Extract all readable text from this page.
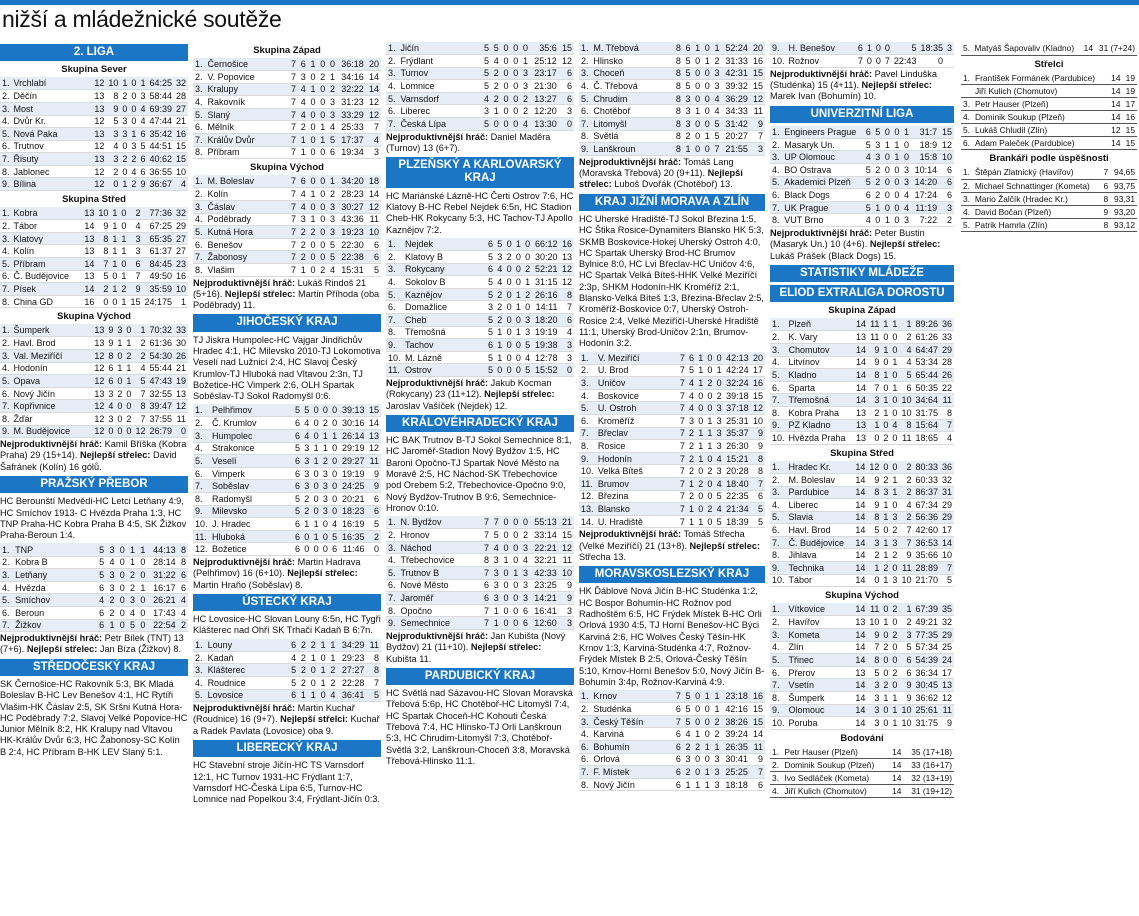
nižší a mládežnické soutěže
2. LIGA
Skupina Sever
1.	Vrchlabí	12	10	1	0	1	64:25	32
2.	Děčín	13	8	2	0	3	58:44	28
3.	Most	13	9	0	0	4	69:39	27
4.	Dvůr Kr.	12	5	3	0	4	47:44	21
5.	Nová Paka	13	3	3	1	6	35:42	16
6.	Trutnov	12	4	0	3	5	44:51	15
7.	Řisuty	13	3	2	2	6	40:62	15
8.	Jablonec	12	2	0	4	6	36:55	10
9.	Bílina	12	0	1	2	9	36:67	4
Skupina Střed
1.	Kobra	13	10	1	0	2	77:36	32
2.	Tábor	14	9	1	0	4	67:25	29
3.	Klatovy	13	8	1	1	3	65:35	27
4.	Kolín	13	8	1	1	3	61:37	27
5.	Příbram	14	7	1	0	6	84:45	23
6.	Č. Budějovice	13	5	0	1	7	49:50	16
7.	Písek	14	2	1	2	9	35:59	10
8.	China GD	16	0	0	1	15	24:175	1
Skupina Východ
1.	Šumperk	13	9	3	0	1	70:32	33
2.	Havl. Brod	13	9	1	1	2	61:36	30
3.	Val. Meziříčí	12	8	0	2	2	54:30	26
4.	Hodonín	12	6	1	1	4	55:44	21
5.	Opava	12	6	0	1	5	47:43	19
6.	Nový Jičín	13	3	2	0	7	32:55	13
7.	Kopřivnice	12	4	0	0	8	39:47	12
8.	Žďár	12	3	0	2	7	37:55	11
9.	M. Budějovice	12	0	0	0	12	26:79	0

Nejproduktivnější hráč: Kamil Bříška (Kobra Praha) 29 (15+14). Nejlepší střelec: David Šafránek (Kolín) 16 gólů.

PRAŽSKÝ PŘEBOR

HC Berounští Medvědi-HC Letci Letňany 4:9, HC Smíchov 1913- C Hvězda Praha 1:3, HC TNP Praha-HC Kobra Praha B 4:5, SK Žižkov Praha-Beroun 1:4.

1.	TNP	5	3	0	1	1	44:13	8
2.	Kobra B	5	4	0	1	0	28:14	8
3.	Letňany	5	3	0	2	0	31:22	6
4.	Hvězda	6	3	0	2	1	16:17	6
5.	Smíchov	4	2	0	3	0	26:21	4
6.	Beroun	6	2	0	4	0	17:43	4
7.	Žižkov	6	1	0	5	0	22:54	2

Nejproduktivnější hráč: Petr Bílek (TNT) 13 (7+6). Nejlepší střelec: Jan Bíza (Žižkov) 8.

STŘEDOČESKÝ KRAJ

SK Černošice-HC Rakovník 5:3, BK Mladá Boleslav B-HC Lev Benešov 4:1, HC Rytíři Vlašim-HK Čáslav 2:5, SK Sršni Kutná Hora-HC Poděbrady 7:2, Slavoj Velké Popovice-HC Junior Mělník 8:2, HK Kralupy nad Vltavou HK-Králův Dvůr 6:3, HC Žabonosy-SC Kolín B 2:4, HC Příbram B-HK LEV Slaný 5:1.

Skupina Západ
1.	Černošice	7	6	1	0	0	36:18	20
2.	V. Popovice	7	3	0	2	1	34:16	14
3.	Kralupy	7	4	1	0	2	32:22	14
4.	Rakovník	7	4	0	0	3	31:23	12
5.	Slaný	7	4	0	0	3	33:29	12
6.	Mělník	7	2	0	1	4	25:33	7
7.	Králův Dvůr	7	1	0	1	5	17:37	4
8.	Příbram	7	1	0	0	6	19:34	3
Skupina Východ
1.	M. Boleslav	7	6	0	0	1	34:20	18
2.	Kolín	7	4	1	0	2	28:23	14
3.	Čáslav	7	4	0	0	3	30:27	12
4.	Poděbrady	7	3	1	0	3	43:36	11
5.	Kutná Hora	7	2	2	0	3	19:23	10
6.	Benešov	7	2	0	0	5	22:30	6
7.	Žabonosy	7	2	0	0	5	22:38	6
8.	Vlašim	7	1	0	2	4	15:31	5

Nejproduktivnější hráč: Lukáš Rindoš 21 (5+16). Nejlepší střelec: Martin Příhoda (oba Poděbrady) 11.

JIHOČESKÝ KRAJ

TJ Jiskra Humpolec-HC Vajgar Jindřichův Hradec 4:1, HC Milevsko 2010-TJ Lokomotiva Veselí nad Lužnicí 2:4, HC Slavoj Český Krumlov-TJ Hluboká nad Vltavou 2:3n, TJ Božetice-HC Vimperk 2:6, OLH Spartak Soběslav-TJ Sokol Radomyšl 0:6.

1.	Pelhřimov	5	5	0	0	0	39:13	15
2.	Č. Krumlov	6	4	0	2	0	30:16	14
3.	Humpolec	6	4	0	1	1	26:14	13
4.	Strakonice	5	3	1	1	0	29:19	12
5.	Veselí	6	3	1	2	0	29:27	11
6.	Vimperk	6	3	0	3	0	19:19	9
7.	Soběslav	6	3	0	3	0	24:25	9
8.	Radomyšl	5	2	0	3	0	20:21	6
9.	Milevsko	5	2	0	3	0	18:23	6
10.	J. Hradec	6	1	1	0	4	16:19	5
11.	Hluboká	6	0	1	0	5	16:35	2
12.	Božetice	6	0	0	0	6	11:46	0

Nejproduktivnější hráč: Martin Hadrava (Pelhřimov) 16 (6+10). Nejlepší střelec: Martin Hraňo (Soběslav) 8.

ÚSTECKÝ KRAJ

HC Lovosice-HC Slovan Louny 6:5n, HC Tygři Klášterec nad Ohří SK Trhači Kadaň B 6:7n.

1.	Louny	6	2	2	1	1	34:29	11
2.	Kadaň	4	2	1	0	1	29:23	8
3.	Klášterec	5	2	0	1	2	27:27	8
4.	Roudnice	5	2	0	1	2	22:28	7
5.	Lovosice	6	1	1	0	4	36:41	5

Nejproduktivnější hráč: Martin Kuchař (Roudnice) 16 (9+7). Nejlepší střelci: Kuchař a Radek Pavlata (Lovosice) oba 9.

LIBERECKÝ KRAJ

HC Stavební stroje Jičín-HC TS Varnsdorf 12:1, HC Turnov 1931-HC Frýdlant 1:7, Varnsdorf HC-Česká Lípa 6:5, Turnov-HC Lomnice nad Popelkou 3:4, Frýdlant-Jičín 0:3.

1.	Jičín	5	5	0	0	0	35:6	15
2.	Frýdlant	5	4	0	0	1	25:12	12
3.	Turnov	5	2	0	0	3	23:17	6
4.	Lomnice	5	2	0	0	3	21:30	6
5.	Varnsdorf	4	2	0	0	2	13:27	6
6.	Liberec	3	1	0	0	2	12:20	3
7.	Česká Lípa	5	0	0	0	4	13:30	0

Nejproduktivnější hráč: Daniel Maděra (Turnov) 13 (6+7).

PLZEŇSKÝ A KARLOVARSKÝ KRAJ

HC Mariánské Lázně-HC Čerti Ostrov 7:6, HC Klatovy B-HC Rebel Nejdek 6:5n, HC Stadion Cheb-HK Rokycany 5:3, HC Tachov-TJ Apollo Kaznějov 7:2.

1.	Nejdek	6	5	0	1	0	66:12	16
2.	Klatovy B	5	3	2	0	0	30:20	13
3.	Rokycany	6	4	0	0	2	52:21	12
4.	Sokolov B	5	4	0	0	1	31:15	12
5.	Kaznějov	5	2	0	1	2	26:16	8
6.	Domažlice	3	2	0	1	0	14:11	7
7.	Cheb	5	2	0	0	3	18:20	6
8.	Třemošná	5	1	0	1	3	19:19	4
9.	Tachov	6	1	0	0	5	19:38	3
10.	M. Lázně	5	1	0	0	4	12:78	3
11.	Ostrov	5	0	0	0	5	15:52	0

Nejproduktivnější hráč: Jakub Kocman (Rokycany) 23 (11+12). Nejlepší střelec: Jaroslav Vašíček (Nejdek) 12.

KRÁLOVÉHRADECKÝ KRAJ

HC BAK Trutnov B-TJ Sokol Semechnice 8:1, HC Jaroměř-Stadion Nový Bydžov 1:5, HC Baroni Opočno-TJ Spartak Nové Město na Moravě 2:5, HC Náchod-SK Třebechovice pod Orebem 5:2, Třebechovice-Opočno 9:0, Nový Bydžov-Trutnov B 9:6, Semechnice-Hronov 0:10.

1.	N. Bydžov	7	7	0	0	0	55:13	21
2.	Hronov	7	5	0	0	2	33:14	15
3.	Náchod	7	4	0	0	3	22:21	12
4.	Třebechovice	8	3	1	0	4	32:21	11
5.	Trutnov B	7	3	0	1	3	42:33	10
6.	Nové Město	6	3	0	0	3	23:25	9
7.	Jaroměř	6	3	0	0	3	14:21	9
8.	Opočno	7	1	0	0	6	16:41	3
9.	Semechnice	7	1	0	0	6	12:60	3

Nejproduktivnější hráč: Jan Kubišta (Nový Bydžov) 21 (11+10). Nejlepší střelec: Kubišta 11.

PARDUBICKÝ KRAJ

HC Světlá nad Sázavou-HC Slovan Moravská Třebová 5:6p, HC Chotěboř-HC Litomyšl 7:4, HC Spartak Choceň-HC Kohouti Česká Třebová 7:4, HC Hlinsko-TJ Orli Lanškroun 5:3, HC Chrudim-Litomyšl 7:3, Chotěboř-Světlá 3:2, Lanškroun-Choceň 3:8, Moravská Třebová-Hlinsko 11:1.

1.	M. Třebová	8	6	1	0	1	52:24	20
2.	Hlinsko	8	5	0	1	2	31:33	16
3.	Choceň	8	5	0	0	3	42:31	15
4.	Č. Třebová	8	5	0	0	3	39:32	15
5.	Chrudim	8	3	0	0	4	36:29	12
6.	Chotěboř	8	3	1	0	4	34:33	11
7.	Litomyšl	8	3	0	0	5	31:42	9
8.	Světlá	8	2	0	1	5	20:27	7
9.	Lanškroun	8	1	0	0	7	21:55	3

Nejproduktivnější hráč: Tomáš Lang (Moravská Třebová) 20 (9+11). Nejlepší střelec: Luboš Dvořák (Chotěboř) 13.

KRAJ JIŽNÍ MORAVA A ZLÍN

HC Uherské Hradiště-TJ Sokol Březina 1:5, HC Štika Rosice-Dynamiters Blansko HK 5:3, SKMB Boskovice-Hokej Uherský Ostroh 4:0, HC Spartak Uherský Brod-HC Brumov Bylnice 8:0, HC Lvi Břeclav-HC Uničov 4:6, HC Spartak Velká Bíteš-HHK Velké Meziříčí 2:3p, SHKM Hodonín-HK Kroměříž 2:1, Blansko-Velká Bíteš 1:3, Březina-Břeclav 2:5, Kroměříž-Boskovice 0:7, Uherský Ostroh-Rosice 2:4, Velké Meziříčí-Uherské Hradiště 11:1, Uherský Brod-Uničov 2:1n, Brumov-Hodonín 3:2.

1.	V. Meziříčí	7	6	1	0	0	42:13	20
2.	U. Brod	7	5	1	0	1	42:24	17
3.	Uničov	7	4	1	2	0	32:24	16
4.	Boskovice	7	4	0	0	2	39:18	15
5.	U. Ostroh	7	4	0	0	3	37:18	12
6.	Kroměříž	7	3	0	1	3	25:31	10
7.	Břeclav	7	2	1	1	3	35:37	9
8.	Rosice	7	2	1	1	3	26:30	9
9.	Hodonín	7	2	1	0	4	15:21	8
10.	Velká Bíteš	7	2	0	2	3	20:28	8
11.	Brumov	7	1	2	0	4	18:40	7
12.	Březina	7	2	0	0	5	22:35	6
13.	Blansko	7	1	0	2	4	21:34	5
14.	U. Hradiště	7	1	1	0	5	18:39	5

Nejproduktivnější hráč: Tomáš Střecha (Velké Meziříčí) 21 (13+8). Nejlepší střelec: Střecha 13.

MORAVSKOSLEZSKÝ KRAJ

HK Ďáblové Nová Jičín B-HC Studénka 1:2, HC Bospor Bohumín-HC Rožnov pod Radhoštěm 6:5, HC Frýdek Místek B-HC Orli Orlová 1930 4:5, TJ Horní Benešov-HC Býci Karviná 2:6, HC Wolves Český Těšín-HK Krnov 1:3, Karviná-Studénka 4:7, Rožnov-Frýdek Místek B 2:5, Orlová-Český Těšín 5:10, Krnov-Horní Benešov 5:0, Nový Jičín B-Bohumín 3:4p, Rožnov-Karviná 4:9.

1.	Krnov	7	5	0	1	1	23:18	16
2.	Studénka	6	5	0	0	1	42:16	15
3.	Český Těšín	7	5	0	0	2	38:26	15
4.	Karviná	6	4	1	0	2	39:24	14
6.	Bohumín	6	2	2	1	1	26:35	11
6.	Orlová	6	3	0	0	3	30:41	9
7.	F. Místek	6	2	0	1	3	25:25	7
8.	Nový Jičín	6	1	1	1	3	18:18	6
9.	H. Benešov	6	1	0	0	5	18:35	3
10.	Rožnov	7	0	0	7	22:43	0	

Nejproduktivnější hráč: Pavel Linduška (Studénka) 15 (4+11). Nejlepší střelec: Marek Ivan (Bohumín) 10.

UNIVERZITNÍ LIGA
1.	Engineers Prague	6	5	0	0	1	31:7	15
2.	Masaryk Un.	5	3	1	1	0	18:9	12
3.	UP Olomouc	4	3	0	1	0	15:8	10
4.	BO Ostrava	5	2	0	0	3	10:14	6
5.	Akademici Plzeň	5	2	0	0	3	14:20	6
6.	Black Dogs	6	2	0	0	4	17:24	6
7.	UK Prague	5	1	0	0	4	11:19	3
8.	VUT Brno	4	0	1	0	3	7:22	2

Nejproduktivnější hráč: Peter Bustin (Masaryk Un.) 10 (4+6). Nejlepší střelec: Lukáš Prášek (Black Dogs) 15.

STATISTIKY MLÁDEŽE
ELIOD EXTRALIGA DOROSTU
Skupina Západ
1.	Plzeň	14	11	1	1	1	89:26	36
2.	K. Vary	13	11	0	0	2	61:26	33
3.	Chomutov	14	9	1	0	4	64:47	29
4.	Litvínov	14	9	0	1	4	53:34	28
5.	Kladno	14	8	1	0	5	65:44	26
6.	Sparta	14	7	0	1	6	50:35	22
7.	Třemošná	14	3	1	0	10	34:64	11
8.	Kobra Praha	13	2	1	0	10	31:75	8
9.	PZ Kladno	13	1	0	4	8	15:64	7
10.	Hvězda Praha	13	0	2	0	11	18:65	4
Skupina Střed
1.	Hradec Kr.	14	12	0	0	2	80:33	36
2.	M. Boleslav	14	9	2	1	2	60:33	32
3.	Pardubice	14	8	3	1	2	86:37	31
4.	Liberec	14	9	1	0	4	67:34	29
5.	Slavia	14	8	1	3	2	56:36	29
6.	Havl. Brod	14	5	0	2	7	42:60	17
7.	Č. Budějovice	14	3	1	3	7	36:53	14
8.	Jihlava	14	2	1	2	9	35:66	10
9.	Technika	14	1	2	0	11	28:89	7
10.	Tábor	14	0	1	3	10	21:70	5
Skupina Východ
1.	Vítkovice	14	11	0	2	1	67:39	35
2.	Havířov	13	10	1	0	2	49:21	32
3.	Kometa	14	9	0	2	3	77:35	29
4.	Zlín	14	7	2	0	5	57:34	25
5.	Třinec	14	8	0	0	6	54:39	24
6.	Přerov	13	5	0	2	6	36:34	17
7.	Vsetín	14	3	2	0	9	30:45	13
8.	Šumperk	14	3	1	1	9	36:62	12
9.	Olomouc	14	3	0	1	10	25:61	11
10.	Poruba	14	3	0	1	10	31:75	9
Bodování
1.	Petr Hauser (Plzeň)	14	35 (17+18)
2.	Dominik Soukup (Plzeň)	14	33 (16+17)
3.	Ivo Sedláček (Kometa)	14	32 (13+19)
4.	Jiří Kulich (Chomutov)	14	31 (19+12)
5.	Matyáš Šapovaliv (Kladno)	14	31 (7+24)
Střelci
1.	František Formánek (Pardubice)	14	19
	Jiří Kulich (Chomutov)	14	19
3.	Petr Hauser (Plzeň)	14	17
4.	Dominik Soukup (Plzeň)	14	16
5.	Lukáš Chludil (Zlín)	12	15
6.	Adam Paleček (Pardubice)	14	15
Brankáři podle úspěšnosti
1.	Štěpán Zlatnický (Havířov)	7	94,65
2.	Michael Schnattinger (Kometa)	6	93,75
3.	Mario Žalčík (Hradec Kr.)	8	93,31
4.	David Bočan (Plzeň)	9	93,20
5.	Patrik Hamrla (Zlín)	8	93,12
